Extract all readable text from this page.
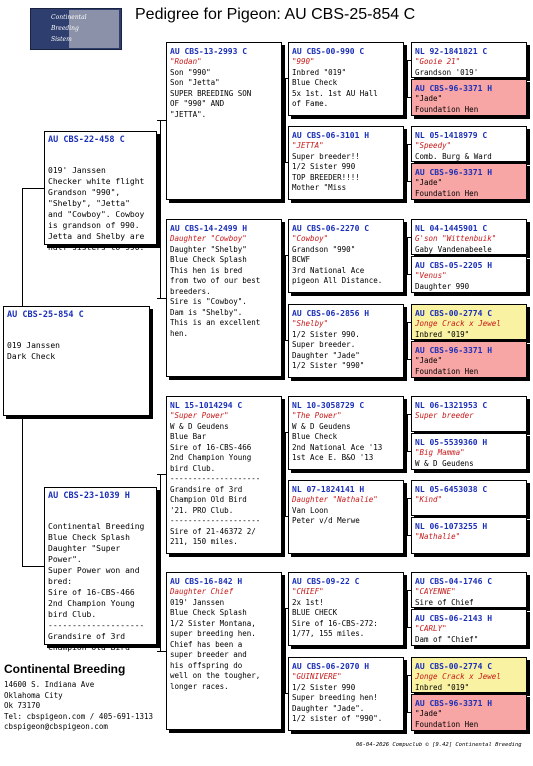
Continental
Breeding
Sistem
Pedigree for Pigeon: AU CBS-25-854 C
AU CBS-25-854 C

019 Janssen
Dark Check
AU CBS-22-458 C

019' Janssen
Checker white flight
Grandson "990",
"Shelby", "Jetta"
and "Cowboy". Cowboy
is grandson of 990.
Jetta and Shelby are
half sisters to 990.
AU CBS-23-1039 H

Continental Breeding
Blue Check Splash
Daughter "Super
Power".
Super Power won and
bred:
Sire of 16-CBS-466
2nd Champion Young
bird Club.
--------------------
Grandsire of 3rd
Champion Old Bird
AU CBS-13-2993 C
"Rodan"
Son "990"
Son "Jetta"
SUPER BREEDING SON
OF "990" AND
"JETTA".
AU CBS-14-2499 H
Daughter "Cowboy"
Daughter "Shelby"
Blue Check Splash
This hen is bred
from two of our best
breeders.
Sire is "Cowboy".
Dam is "Shelby".
This is an excellent
hen.
NL 15-1014294 C
"Super Power"
W & D Geudens
Blue Bar
Sire of 16-CBS-466
2nd Champion Young
bird Club.
--------------------
Grandsire of 3rd
Champion Old Bird
'21. PRO Club.
--------------------
Sire of 21-46372 2/
211, 150 miles.
AU CBS-16-842 H
Daughter Chief
019' Janssen
Blue Check Splash
1/2 Sister Montana,
super breeding hen.
Chief has been a
super breeder and
his offspring do
well on the tougher,
longer races.
AU CBS-00-990 C
"990"
Inbred "019"
Blue Check
5x 1st. 1st AU Hall
of Fame.
AU CBS-06-3101 H
"JETTA"
Super breeder!!
1/2 Sister 990
TOP BREEDER!!!!
Mother "Miss
AU CBS-06-2270 C
"Cowboy"
Grandson "990"
BCWF
3rd National Ace
pigeon All Distance.
AU CBS-06-2856 H
"Shelby"
1/2 Sister 990.
Super breeder.
Daughter "Jade"
1/2 Sister "990"
NL 10-3058729 C
"The Power"
W & D Geudens
Blue Check
2nd National Ace '13
1st Ace E. B&O '13
NL 07-1824141 H
Daughter "Nathalie"
Van Loon
Peter v/d Merwe
AU CBS-09-22 C
"CHIEF"
2x 1st!
BLUE CHECK
Sire of 16-CBS-272:
1/77, 155 miles.
AU CBS-06-2070 H
"GUINIVERE"
1/2 Sister 990
Super breeding hen!
Daughter "Jade".
1/2 sister of "990".
NL 92-1841821 C
"Gooie 21"
Grandson '019'
AU CBS-96-3371 H
"Jade"
Foundation Hen
NL 05-1418979 C
"Speedy"
Comb. Burg & Ward
AU CBS-96-3371 H
"Jade"
Foundation Hen
NL 04-1445901 C
G'son "Wittenbuik"
Gaby Vandenabeele
AU CBS-05-2205 H
"Venus"
Daughter 990
AU CBS-00-2774 C
Jonge Crack x Jewel
Inbred "019"
AU CBS-96-3371 H
"Jade"
Foundation Hen
NL 06-1321953 C
Super breeder
NL 05-5539360 H
"Big Mamma"
W & D Geudens
NL 05-6453038 C
"Kind"
NL 06-1073255 H
"Nathalie"
AU CBS-04-1746 C
"CAYENNE"
Sire of Chief
AU CBS-06-2143 H
"CARLY"
Dam of "Chief"
AU CBS-00-2774 C
Jonge Crack x Jewel
Inbred "019"
AU CBS-96-3371 H
"Jade"
Foundation Hen
Continental Breeding
14600 S. Indiana Ave
Oklahoma City
Ok 73170
Tel: cbspigeon.com / 405-691-1313
cbspigeon@cbspigeon.com
06-04-2026 Compuclub © [9.42] Continental Breeding
